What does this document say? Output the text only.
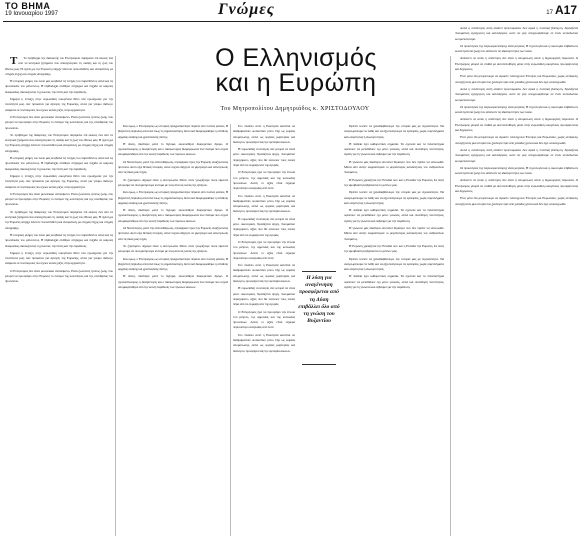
ΤΟ ΒΗΜΑ
19 Ιανουαρίου 1997	Γνώμες	17 A17
Ο Ελληνισμός
και η Ευρώπη
Του Μητροπολίτου Δημητριάδος κ. ΧΡΙΣΤΟΔΟΥΛΟΥ

Τ Το πρόβλημα της διάκρισης του Ελληνισμού παρέμεινε επί αιώνες ένα από τα κεντρικά ζητήματα που απασχόλησαν τη σκέψη και τη ζωή του έθνους μας. Η σχέση με την Ευρώπη υπήρξε πάντοτε πολυσύνθετη και αντιφατική, με στιγμές έλξης και στιγμές απόρριψης.

Η ιστορική μνήμη του λαού μας κουβαλά τις πληγές του παρελθόντος αλλά και τις προσδοκίες του μέλλοντος. Η Ορθοδοξία στάθηκε στήριγμα και πυξίδα σε καιρούς δοκιμασίας, διασώζοντας τη γλώσσα, την πίστη και την παράδοση.

Σήμερα η ένταξη στην ευρωπαϊκή οικογένεια θέτει νέα ερωτήματα για την ταυτότητά μας. Δεν πρόκειται για άρνηση της Ευρώπης, αλλά για γόνιμο διάλογο ανάμεσα σε πολιτισμούς που έχουν κοινές ρίζες στην αρχαιότητα.

Ο Ελληνισμός δεν είναι μουσειακό αντικείμενο. Είναι ζωντανός τρόπος ζωής, που μπορεί να προσφέρει στην Ευρώπη το πνεύμα της κοινότητας και της ελευθερίας του προσώπου.

Το πρόβλημα της διάκρισης του Ελληνισμού παρέμεινε επί αιώνες ένα από τα κεντρικά ζητήματα που απασχόλησαν τη σκέψη και τη ζωή του έθνους μας. Η σχέση με την Ευρώπη υπήρξε πάντοτε πολυσύνθετη και αντιφατική, με στιγμές έλξης και στιγμές απόρριψης.

Η ιστορική μνήμη του λαού μας κουβαλά τις πληγές του παρελθόντος αλλά και τις προσδοκίες του μέλλοντος. Η Ορθοδοξία στάθηκε στήριγμα και πυξίδα σε καιρούς δοκιμασίας, διασώζοντας τη γλώσσα, την πίστη και την παράδοση.

Σήμερα η ένταξη στην ευρωπαϊκή οικογένεια θέτει νέα ερωτήματα για την ταυτότητά μας. Δεν πρόκειται για άρνηση της Ευρώπης, αλλά για γόνιμο διάλογο ανάμεσα σε πολιτισμούς που έχουν κοινές ρίζες στην αρχαιότητα.

Ο Ελληνισμός δεν είναι μουσειακό αντικείμενο. Είναι ζωντανός τρόπος ζωής, που μπορεί να προσφέρει στην Ευρώπη το πνεύμα της κοινότητας και της ελευθερίας του προσώπου.

Το πρόβλημα της διάκρισης του Ελληνισμού παρέμεινε επί αιώνες ένα από τα κεντρικά ζητήματα που απασχόλησαν τη σκέψη και τη ζωή του έθνους μας. Η σχέση με την Ευρώπη υπήρξε πάντοτε πολυσύνθετη και αντιφατική, με στιγμές έλξης και στιγμές απόρριψης.

Η ιστορική μνήμη του λαού μας κουβαλά τις πληγές του παρελθόντος αλλά και τις προσδοκίες του μέλλοντος. Η Ορθοδοξία στάθηκε στήριγμα και πυξίδα σε καιρούς δοκιμασίας, διασώζοντας τη γλώσσα, την πίστη και την παράδοση.

Σήμερα η ένταξη στην ευρωπαϊκή οικογένεια θέτει νέα ερωτήματα για την ταυτότητά μας. Δεν πρόκειται για άρνηση της Ευρώπης, αλλά για γόνιμο διάλογο ανάμεσα σε πολιτισμούς που έχουν κοινές ρίζες στην αρχαιότητα.

Ο Ελληνισμός δεν είναι μουσειακό αντικείμενο. Είναι ζωντανός τρόπος ζωής, που μπορεί να προσφέρει στην Ευρώπη το πνεύμα της κοινότητας και της ελευθερίας του προσώπου.

Και όμως, ο Ελληνισμός ως ιστορική πραγματικότητα πέρασε από πολλές φάσεις. Η βυζαντινή περίοδος αποτελεί ίσως τη σημαντικότερη, διότι εκεί διαμορφώθηκε η σύνθεση αρχαίας σκέψης και χριστιανικής πίστης.

Η Δύση, ιδιαίτερα μετά το Σχίσμα, ακολούθησε διαφορετικό δρόμο. Ο σχολαστικισμός, η Αναγέννηση και ο Διαφωτισμός διαμόρφωσαν ένα πνεύμα που συχνά απομακρύνθηκε από την κοινή παράδοση των πρώτων αιώνων.

Οι Νεοέλληνες, μετά την απελευθέρωση, στράφηκαν προς την Ευρώπη αναζητώντας πρότυπα. Αυτό είχε θετικές πλευρές, αλλά συχνά οδήγησε σε μιμητισμό και αλλοτρίωση από τις δικές μας πηγές.

Το ζητούμενο σήμερα είναι η αυτογνωσία. Μόνο όταν γνωρίζουμε ποιοι είμαστε μπορούμε να συνομιλήσουμε ισότιμα με τους άλλους λαούς της ηπείρου.

Και όμως, ο Ελληνισμός ως ιστορική πραγματικότητα πέρασε από πολλές φάσεις. Η βυζαντινή περίοδος αποτελεί ίσως τη σημαντικότερη, διότι εκεί διαμορφώθηκε η σύνθεση αρχαίας σκέψης και χριστιανικής πίστης.

Η Δύση, ιδιαίτερα μετά το Σχίσμα, ακολούθησε διαφορετικό δρόμο. Ο σχολαστικισμός, η Αναγέννηση και ο Διαφωτισμός διαμόρφωσαν ένα πνεύμα που συχνά απομακρύνθηκε από την κοινή παράδοση των πρώτων αιώνων.

Οι Νεοέλληνες, μετά την απελευθέρωση, στράφηκαν προς την Ευρώπη αναζητώντας πρότυπα. Αυτό είχε θετικές πλευρές, αλλά συχνά οδήγησε σε μιμητισμό και αλλοτρίωση από τις δικές μας πηγές.

Το ζητούμενο σήμερα είναι η αυτογνωσία. Μόνο όταν γνωρίζουμε ποιοι είμαστε μπορούμε να συνομιλήσουμε ισότιμα με τους άλλους λαούς της ηπείρου.

Και όμως, ο Ελληνισμός ως ιστορική πραγματικότητα πέρασε από πολλές φάσεις. Η βυζαντινή περίοδος αποτελεί ίσως τη σημαντικότερη, διότι εκεί διαμορφώθηκε η σύνθεση αρχαίας σκέψης και χριστιανικής πίστης.

Η Δύση, ιδιαίτερα μετά το Σχίσμα, ακολούθησε διαφορετικό δρόμο. Ο σχολαστικισμός, η Αναγέννηση και ο Διαφωτισμός διαμόρφωσαν ένα πνεύμα που συχνά απομακρύνθηκε από την κοινή παράδοση των πρώτων αιώνων.

Στο πλαίσιο αυτό η Εκκλησία καλείται να διαδραματίσει ουσιαστικό ρόλο. Όχι ως φορέας απομόνωσης, αλλά ως φορέας μαρτυρίας και διαλόγου, προσφέροντας την εμπειρία αιώνων.

Η ευρωπαϊκή ενοποίηση δεν μπορεί να είναι μόνο οικονομική. Χρειάζεται ψυχή, πνευματικό περιεχόμενο, αξίες που θα ενώνουν τους λαούς πέρα από τα συμφέροντα της αγοράς.

Ο Ελληνισμός έχει να προσφέρει την έννοια του μέτρου, της αρμονίας και της κοινωνίας προσώπων. Αυτές οι αξίες είναι σήμερα περισσότερο αναγκαίες από ποτέ.

Στο πλαίσιο αυτό η Εκκλησία καλείται να διαδραματίσει ουσιαστικό ρόλο. Όχι ως φορέας απομόνωσης, αλλά ως φορέας μαρτυρίας και διαλόγου, προσφέροντας την εμπειρία αιώνων.

Η ευρωπαϊκή ενοποίηση δεν μπορεί να είναι μόνο οικονομική. Χρειάζεται ψυχή, πνευματικό περιεχόμενο, αξίες που θα ενώνουν τους λαούς πέρα από τα συμφέροντα της αγοράς.

Ο Ελληνισμός έχει να προσφέρει την έννοια του μέτρου, της αρμονίας και της κοινωνίας προσώπων. Αυτές οι αξίες είναι σήμερα περισσότερο αναγκαίες από ποτέ.

Στο πλαίσιο αυτό η Εκκλησία καλείται να διαδραματίσει ουσιαστικό ρόλο. Όχι ως φορέας απομόνωσης, αλλά ως φορέας μαρτυρίας και διαλόγου, προσφέροντας την εμπειρία αιώνων.

Η ευρωπαϊκή ενοποίηση δεν μπορεί να είναι μόνο οικονομική. Χρειάζεται ψυχή, πνευματικό περιεχόμενο, αξίες που θα ενώνουν τους λαούς πέρα από τα συμφέροντα της αγοράς.

Ο Ελληνισμός έχει να προσφέρει την έννοια του μέτρου, της αρμονίας και της κοινωνίας προσώπων. Αυτές οι αξίες είναι σήμερα περισσότερο αναγκαίες από ποτέ.

Στο πλαίσιο αυτό η Εκκλησία καλείται να διαδραματίσει ουσιαστικό ρόλο. Όχι ως φορέας απομόνωσης, αλλά ως φορέας μαρτυρίας και διαλόγου, προσφέροντας την εμπειρία αιώνων.

Η λύση για αναγέννηση προσφέρεται από τη Δύση επιβάλλει όλο από τη γνώση του Βυζαντίου

Πρέπει λοιπόν να ξαναδιαβάσουμε την ιστορία μας με νηφαλιότητα. Να αναγνωρίσουμε τα λάθη και να αξιοποιήσουμε τις εμπειρίες, χωρίς συμπλέγματα κατωτερότητας ή ανωτερότητας.

Η παιδεία έχει καθοριστική σημασία. Τα σχολεία και τα πανεπιστήμια οφείλουν να μεταδίδουν όχι μόνο γνώσεις, αλλά και συνείδηση ταυτότητας, αγάπη για τη γλώσσα και σεβασμό για την παράδοση.

Η γλώσσα μας ιδιαίτερα αποτελεί θησαυρό που δεν πρέπει να αλλοιωθεί. Μέσα από αυτήν εκφράστηκαν οι μεγαλύτερες κατακτήσεις του ανθρώπινου πνεύματος.

Η Ευρώπη χρειάζεται την Ελλάδα όσο και η Ελλάδα την Ευρώπη. Σε αυτή την αμοιβαιότητα βρίσκεται το μέλλον μας.

Πρέπει λοιπόν να ξαναδιαβάσουμε την ιστορία μας με νηφαλιότητα. Να αναγνωρίσουμε τα λάθη και να αξιοποιήσουμε τις εμπειρίες, χωρίς συμπλέγματα κατωτερότητας ή ανωτερότητας.

Η παιδεία έχει καθοριστική σημασία. Τα σχολεία και τα πανεπιστήμια οφείλουν να μεταδίδουν όχι μόνο γνώσεις, αλλά και συνείδηση ταυτότητας, αγάπη για τη γλώσσα και σεβασμό για την παράδοση.

Η γλώσσα μας ιδιαίτερα αποτελεί θησαυρό που δεν πρέπει να αλλοιωθεί. Μέσα από αυτήν εκφράστηκαν οι μεγαλύτερες κατακτήσεις του ανθρώπινου πνεύματος.

Η Ευρώπη χρειάζεται την Ελλάδα όσο και η Ελλάδα την Ευρώπη. Σε αυτή την αμοιβαιότητα βρίσκεται το μέλλον μας.

Πρέπει λοιπόν να ξαναδιαβάσουμε την ιστορία μας με νηφαλιότητα. Να αναγνωρίσουμε τα λάθη και να αξιοποιήσουμε τις εμπειρίες, χωρίς συμπλέγματα κατωτερότητας ή ανωτερότητας.

Η παιδεία έχει καθοριστική σημασία. Τα σχολεία και τα πανεπιστήμια οφείλουν να μεταδίδουν όχι μόνο γνώσεις, αλλά και συνείδηση ταυτότητας, αγάπη για τη γλώσσα και σεβασμό για την παράδοση.

Αλλά η συνάντηση αυτή απαιτεί προετοιμασία. Δεν αρκεί η πολιτική βούληση. Χρειάζεται πνευματική εγρήγορση και καλλιέργεια, ώστε να μην απορροφηθούμε σε έναν ισοπεδωτικό κοσμοπολιτισμό.

Οι προκλήσεις της παγκοσμιοποίησης είναι μεγάλες. Η τεχνολογία και η οικονομία επιβάλλουν κοινά πρότυπα ζωής που απειλούν τις ιδιαιτερότητες των λαών.

Απέναντι σε αυτά, η απάντηση δεν είναι η απομόνωση αλλά η δημιουργική παρουσία. Ο Ελληνισμός μπορεί να σταθεί με αυτοπεποίθηση μέσα στην ευρωπαϊκή οικογένεια, προσφέροντας και δεχόμενος.

Έτσι μόνο θα μπορέσουμε να είμαστε ταυτόχρονα Έλληνες και Ευρωπαίοι, χωρίς αντίφαση, συνεχίζοντας μια ιστορία που ξεκίνησε πριν από χιλιάδες χρόνια και δεν έχει ολοκληρωθεί.

Αλλά η συνάντηση αυτή απαιτεί προετοιμασία. Δεν αρκεί η πολιτική βούληση. Χρειάζεται πνευματική εγρήγορση και καλλιέργεια, ώστε να μην απορροφηθούμε σε έναν ισοπεδωτικό κοσμοπολιτισμό.

Οι προκλήσεις της παγκοσμιοποίησης είναι μεγάλες. Η τεχνολογία και η οικονομία επιβάλλουν κοινά πρότυπα ζωής που απειλούν τις ιδιαιτερότητες των λαών.

Απέναντι σε αυτά, η απάντηση δεν είναι η απομόνωση αλλά η δημιουργική παρουσία. Ο Ελληνισμός μπορεί να σταθεί με αυτοπεποίθηση μέσα στην ευρωπαϊκή οικογένεια, προσφέροντας και δεχόμενος.

Έτσι μόνο θα μπορέσουμε να είμαστε ταυτόχρονα Έλληνες και Ευρωπαίοι, χωρίς αντίφαση, συνεχίζοντας μια ιστορία που ξεκίνησε πριν από χιλιάδες χρόνια και δεν έχει ολοκληρωθεί.

Αλλά η συνάντηση αυτή απαιτεί προετοιμασία. Δεν αρκεί η πολιτική βούληση. Χρειάζεται πνευματική εγρήγορση και καλλιέργεια, ώστε να μην απορροφηθούμε σε έναν ισοπεδωτικό κοσμοπολιτισμό.

Οι προκλήσεις της παγκοσμιοποίησης είναι μεγάλες. Η τεχνολογία και η οικονομία επιβάλλουν κοινά πρότυπα ζωής που απειλούν τις ιδιαιτερότητες των λαών.

Απέναντι σε αυτά, η απάντηση δεν είναι η απομόνωση αλλά η δημιουργική παρουσία. Ο Ελληνισμός μπορεί να σταθεί με αυτοπεποίθηση μέσα στην ευρωπαϊκή οικογένεια, προσφέροντας και δεχόμενος.

Έτσι μόνο θα μπορέσουμε να είμαστε ταυτόχρονα Έλληνες και Ευρωπαίοι, χωρίς αντίφαση, συνεχίζοντας μια ιστορία που ξεκίνησε πριν από χιλιάδες χρόνια και δεν έχει ολοκληρωθεί.
